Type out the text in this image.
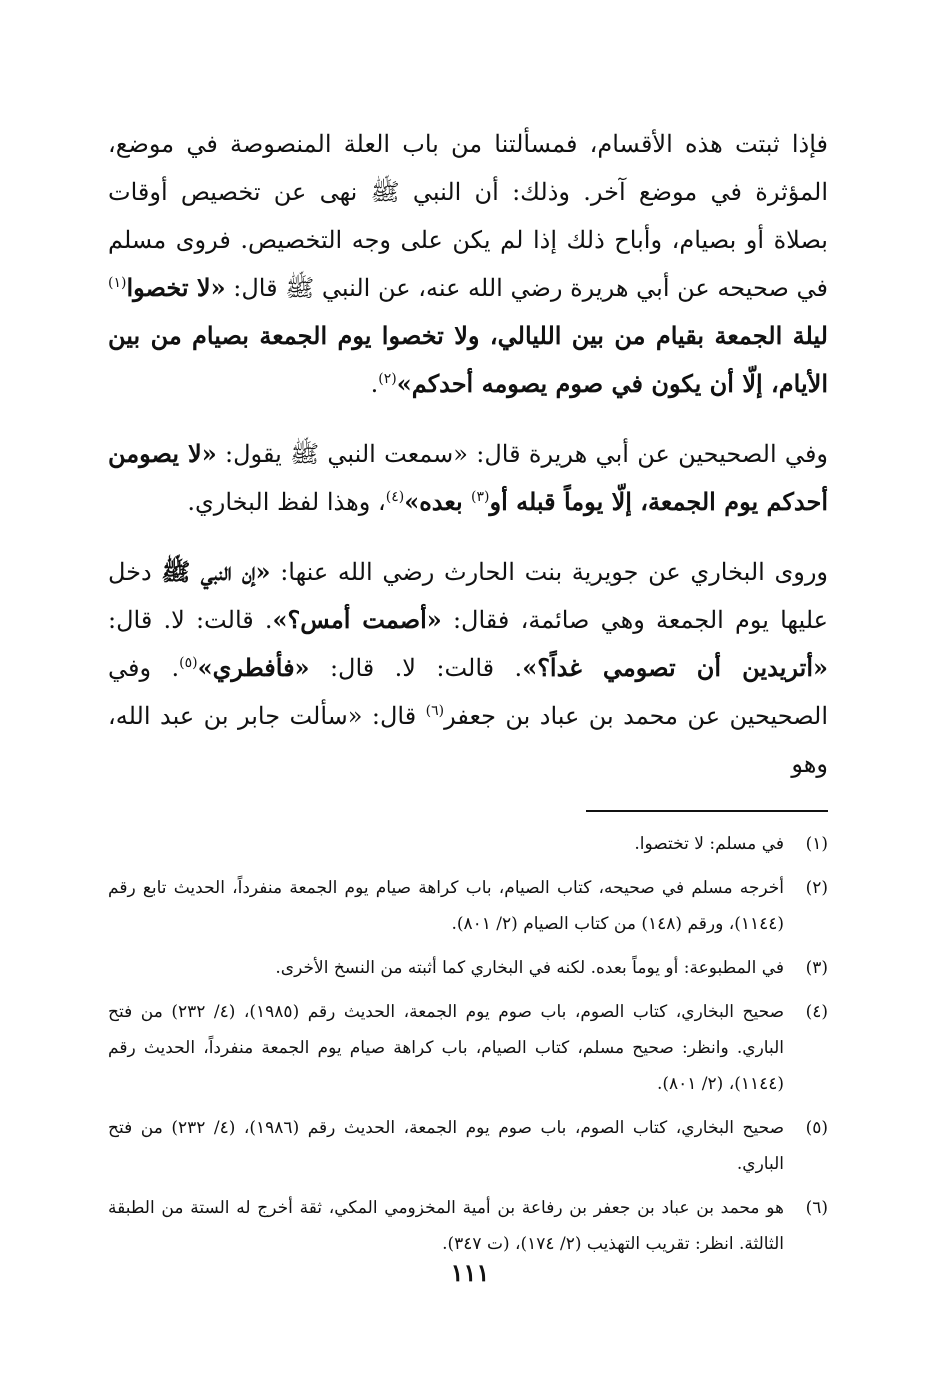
فإذا ثبتت هذه الأقسام، فمسألتنا من باب العلة المنصوصة في موضع، المؤثرة في موضع آخر. وذلك: أن النبي ﷺ نهى عن تخصيص أوقات بصلاة أو بصيام، وأباح ذلك إذا لم يكن على وجه التخصيص. فروى مسلم في صحيحه عن أبي هريرة رضي الله عنه، عن النبي ﷺ قال: «لا تخصوا$^{(١)}$ ليلة الجمعة بقيام من بين الليالي، ولا تخصوا يوم الجمعة بصيام من بين الأيام، إلّا أن يكون في صوم يصومه أحدكم»$^{(٢)}$.

وفي الصحيحين عن أبي هريرة قال: «سمعت النبي ﷺ يقول: «لا يصومن أحدكم يوم الجمعة، إلّا يوماً قبله أو$^{(٣)}$ بعده»$^{(٤)}$، وهذا لفظ البخاري.

وروى البخاري عن جويرية بنت الحارث رضي الله عنها: «إن النبي ﷺ دخل عليها يوم الجمعة وهي صائمة، فقال: «أصمت أمس؟». قالت: لا. قال: «أتريدين أن تصومي غداً؟». قالت: لا. قال: «فأفطري»$^{(٥)}$. وفي الصحيحين عن محمد بن عباد بن جعفر$^{(٦)}$ قال: «سألت جابر بن عبد الله، وهو

(١)
في مسلم: لا تختصوا.
(٢)
أخرجه مسلم في صحيحه، كتاب الصيام، باب كراهة صيام يوم الجمعة منفرداً، الحديث تابع رقم (١١٤٤)، ورقم (١٤٨) من كتاب الصيام (٢/ ٨٠١).
(٣)
في المطبوعة: أو يوماً بعده. لكنه في البخاري كما أثبته من النسخ الأخرى.
(٤)
صحيح البخاري، كتاب الصوم، باب صوم يوم الجمعة، الحديث رقم (١٩٨٥)، (٤/ ٢٣٢) من فتح الباري. وانظر: صحيح مسلم، كتاب الصيام، باب كراهة صيام يوم الجمعة منفرداً، الحديث رقم (١١٤٤)، (٢/ ٨٠١).
(٥)
صحيح البخاري، كتاب الصوم، باب صوم يوم الجمعة، الحديث رقم (١٩٨٦)، (٤/ ٢٣٢) من فتح الباري.
(٦)
هو محمد بن عباد بن جعفر بن رفاعة بن أمية المخزومي المكي، ثقة أخرج له الستة من الطبقة الثالثة. انظر: تقريب التهذيب (٢/ ١٧٤)، (ت ٣٤٧).
١١١
